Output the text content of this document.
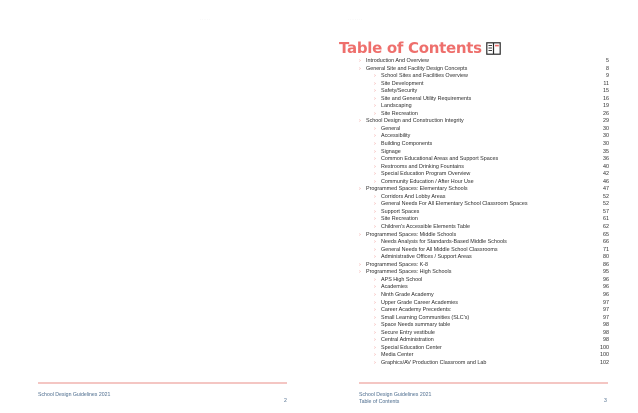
· · · · ·
School Design Guidelines 2021
2
· · · · · · ·
Table of Contents
› Introduction And Overview	5
› General Site and Facility Design Concepts	8
› School Sites and Facilities Overview	9
› Site Development	11
› Safety/Security	15
› Site and General Utility Requirements	16
› Landscaping	19
› Site Recreation	26
› School Design and Construction Integrity	29
› General	30
› Accessibility	30
› Building Components	30
› Signage	35
› Common Educational Areas and Support Spaces	36
› Restrooms and Drinking Fountains	40
› Special Education Program Overview	42
› Community Education / After Hour Use	46
› Programmed Spaces: Elementary Schools	47
› Corridors And Lobby Areas	52
› General Needs For All Elementary School Classroom Spaces	52
› Support Spaces	57
› Site Recreation	61
› Children's Accessible Elements Table	62
› Programmed Spaces: Middle Schools	65
› Needs Analysis for Standards-Based Middle Schools	66
› General Needs for All Middle School Classrooms	71
› Administrative Offices / Support Areas	80
› Programmed Spaces: K-8	86
› Programmed Spaces: High Schools	95
› APS High School	96
› Academies	96
› Ninth Grade Academy	96
› Upper Grade Career Academies	97
› Career Academy Precedents:	97
› Small Learning Communities (SLC's)	97
› Space Needs summary table	98
› Secure Entry vestibule	98
› Central Administration	98
› Special Education Center	100
› Media Center	100
› Graphics/AV Production Classroom and Lab	102
School Design Guidelines 2021
Table of Contents	3
